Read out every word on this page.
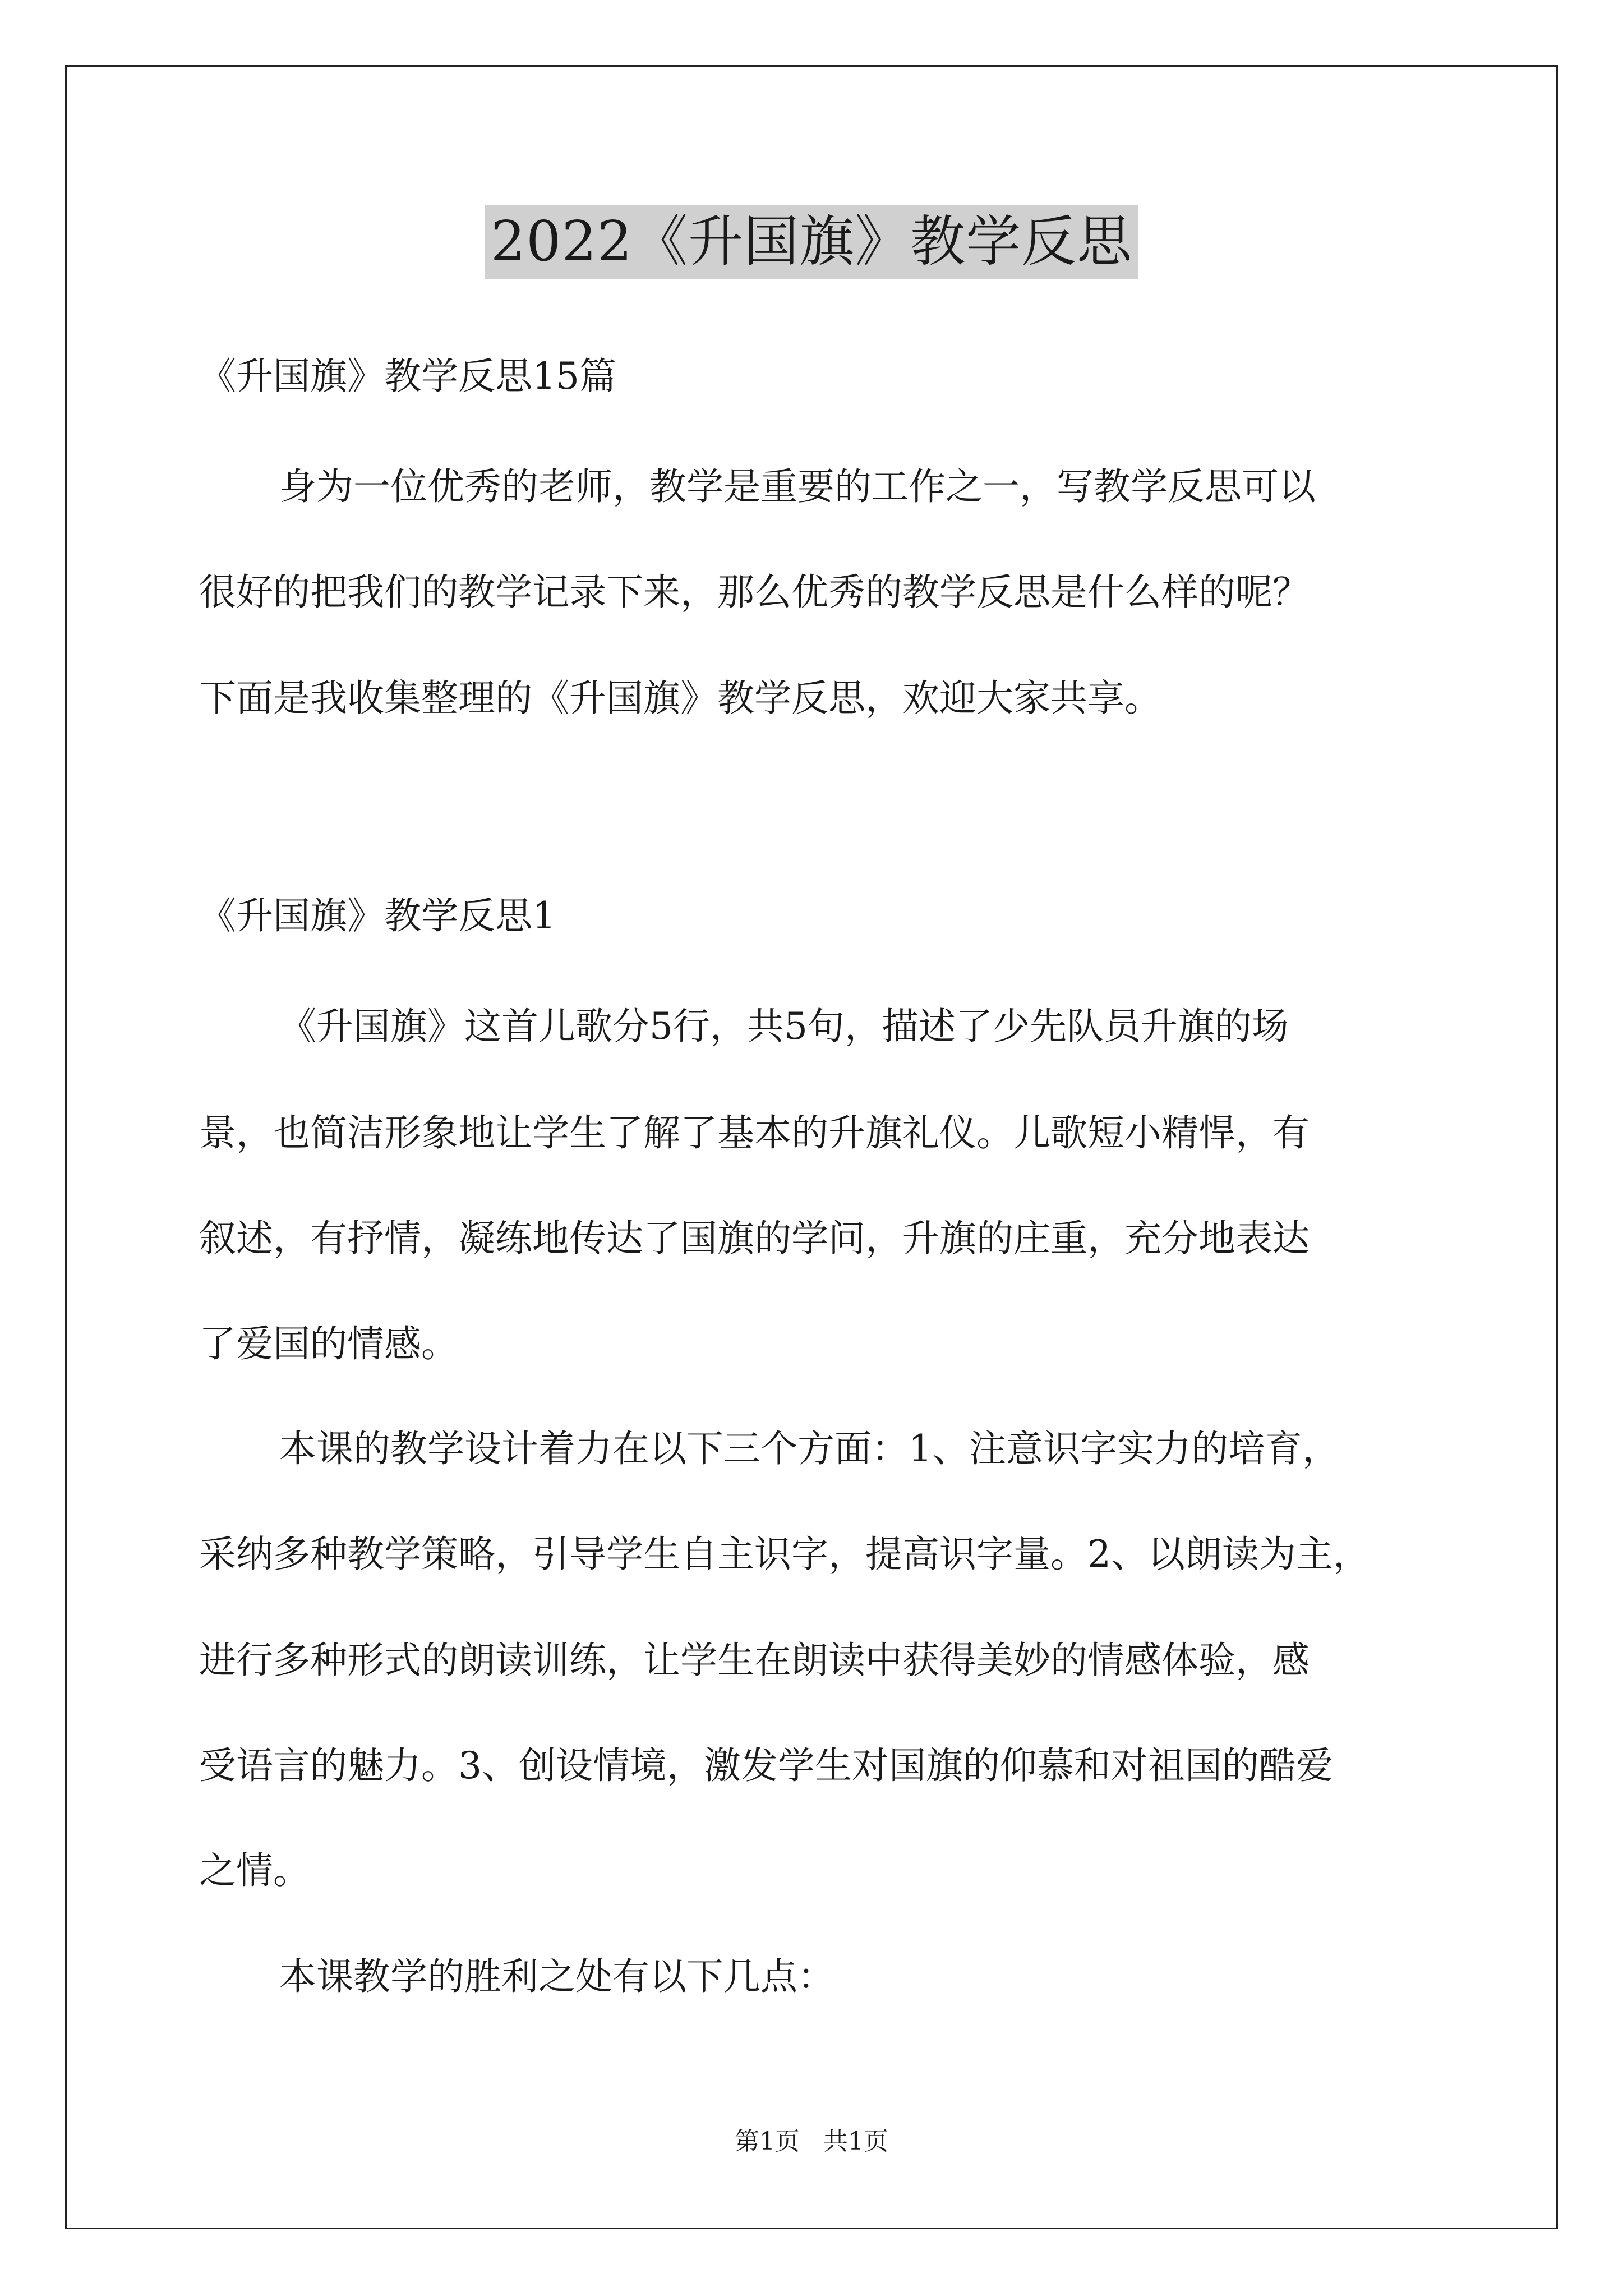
2022《升国旗》教学反思
《升国旗》教学反思15篇
身为一位优秀的老师，教学是重要的工作之一，写教学反思可以
很好的把我们的教学记录下来，那么优秀的教学反思是什么样的呢？
下面是我收集整理的《升国旗》教学反思，欢迎大家共享。
《升国旗》教学反思1
《升国旗》这首儿歌分5行，共5句，描述了少先队员升旗的场
景，也简洁形象地让学生了解了基本的升旗礼仪。儿歌短小精悍，有
叙述，有抒情，凝练地传达了国旗的学问，升旗的庄重，充分地表达
了爱国的情感。
本课的教学设计着力在以下三个方面：1、注意识字实力的培育，
采纳多种教学策略，引导学生自主识字，提高识字量。2、以朗读为主，
进行多种形式的朗读训练，让学生在朗读中获得美妙的情感体验，感
受语言的魅力。3、创设情境，激发学生对国旗的仰慕和对祖国的酷爱
之情。
本课教学的胜利之处有以下几点：
第1页   共1页
